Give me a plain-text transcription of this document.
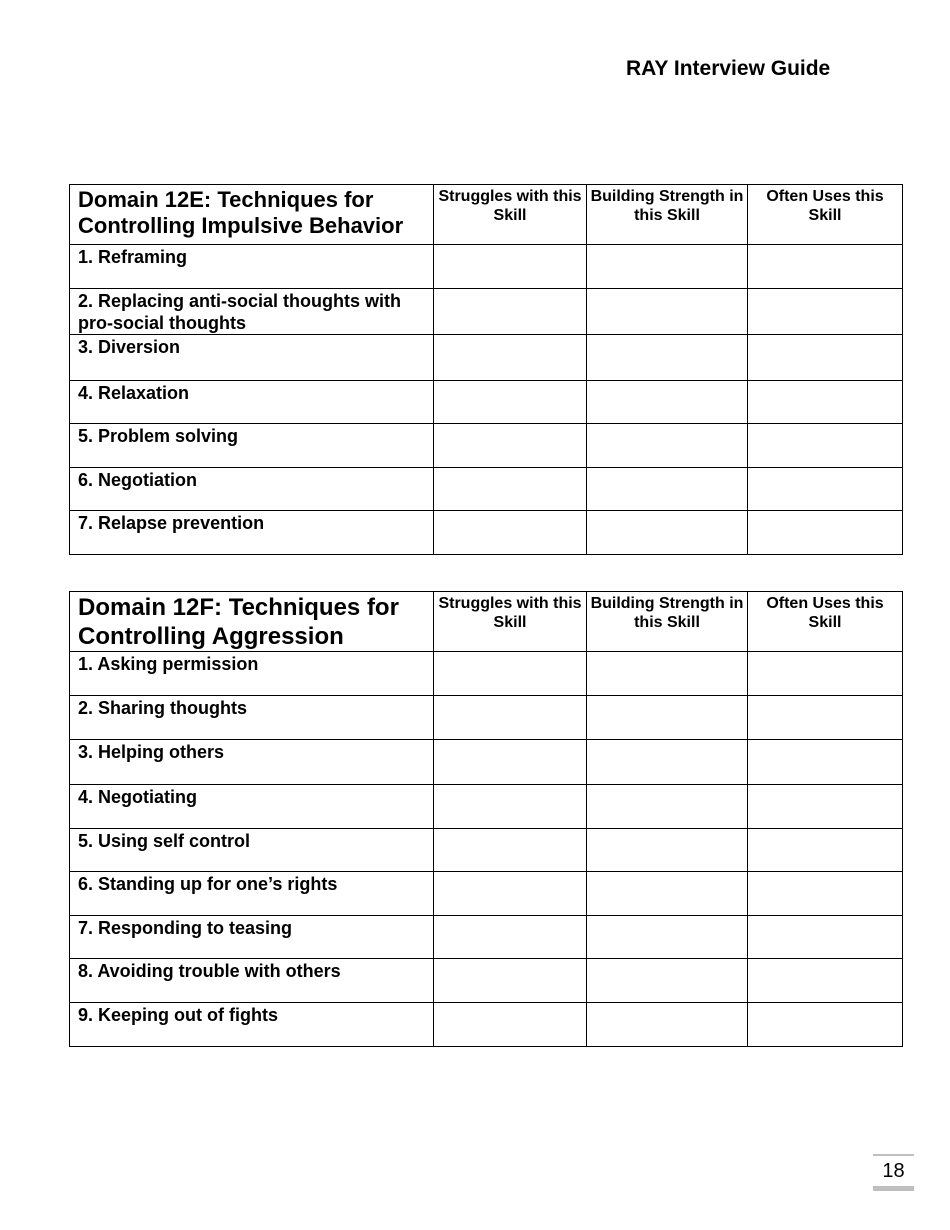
RAY Interview Guide
Domain 12E: Techniques for Controlling Impulsive Behavior	Struggles with this Skill	Building Strength in this Skill	Often Uses this Skill

1. Reframing			

2. Replacing anti-social thoughts with pro-social thoughts			

3. Diversion			

4. Relaxation			

5. Problem solving			

6. Negotiation			

7. Relapse prevention			

Domain 12F: Techniques for Controlling Aggression	Struggles with this Skill	Building Strength in this Skill	Often Uses this Skill

1. Asking permission			

2. Sharing thoughts			

3. Helping others			

4. Negotiating			

5. Using self control			

6. Standing up for one’s rights			

7. Responding to teasing			

8. Avoiding trouble with others			

9. Keeping out of fights			

18
